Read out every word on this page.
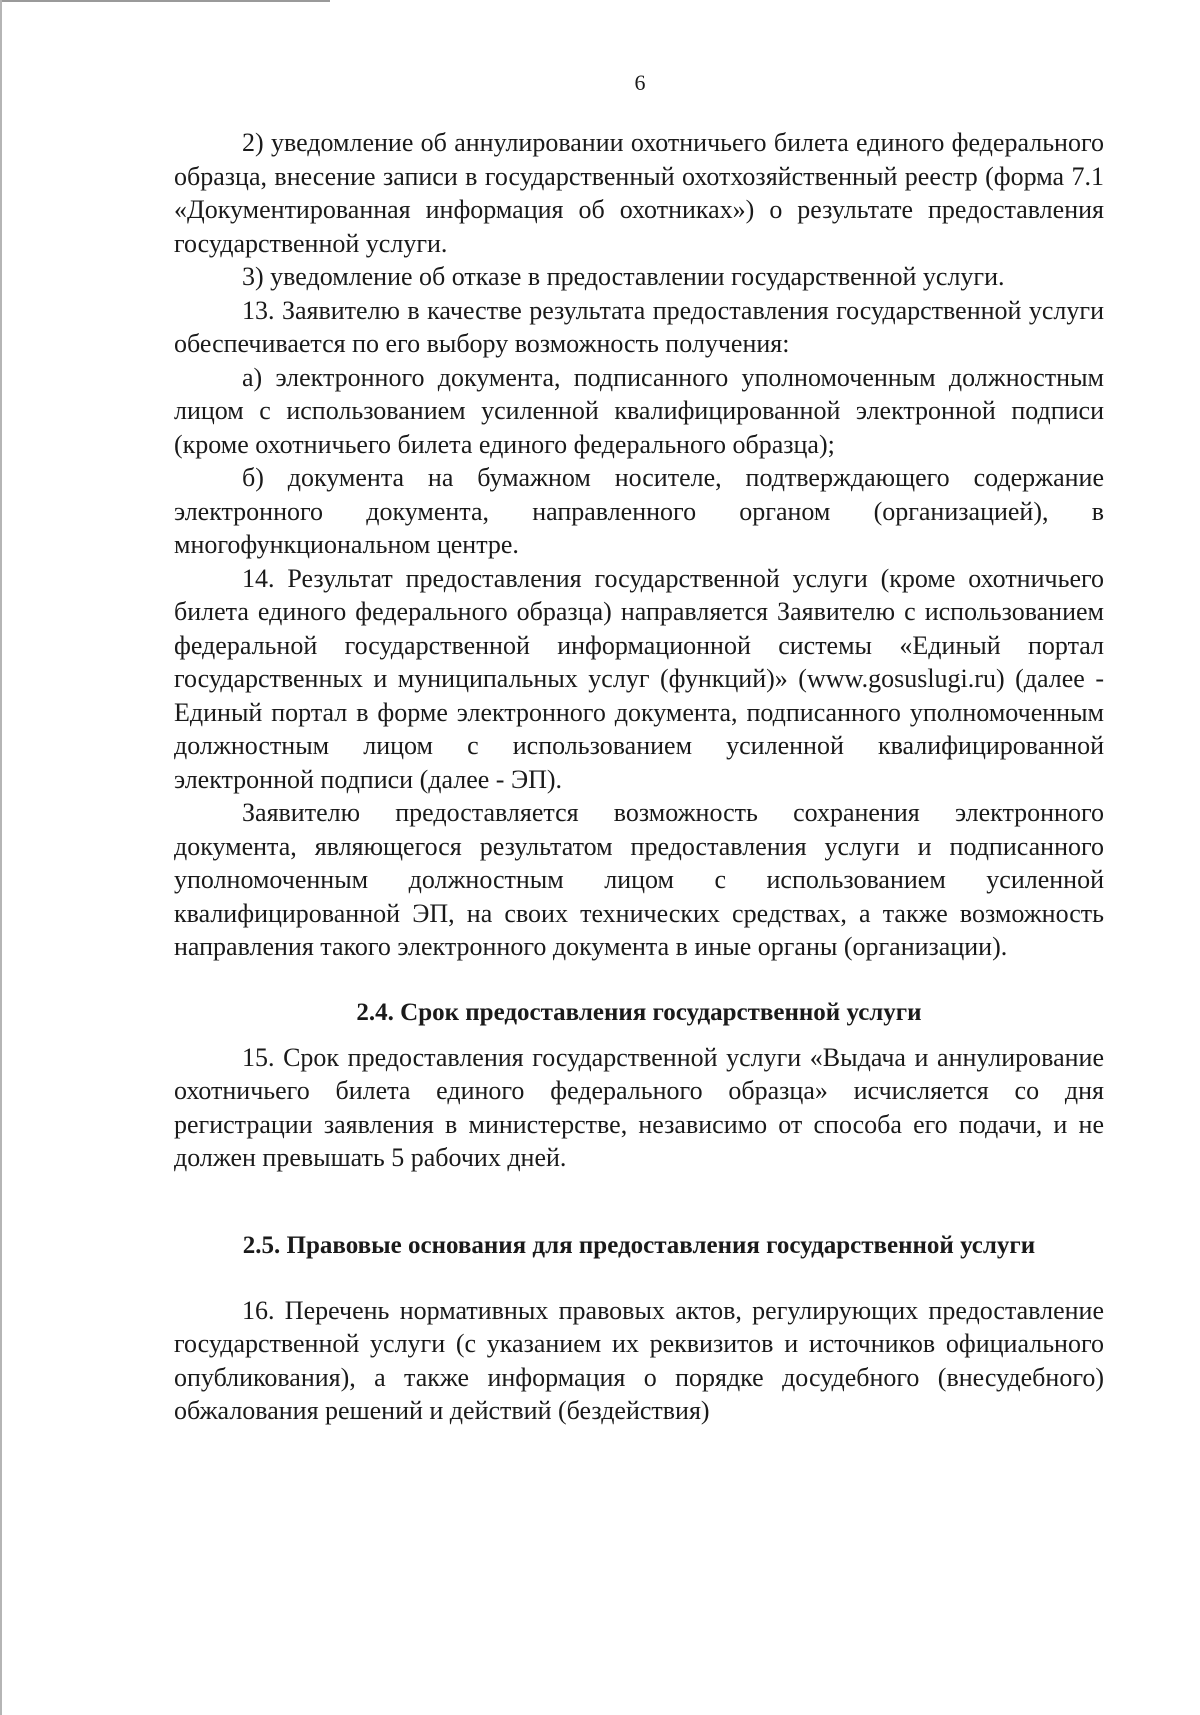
6

2) уведомление об аннулировании охотничьего билета единого федерального образца, внесение записи в государственный охотхозяйственный реестр (форма 7.1 «Документированная информация об охотниках») о результате предоставления государственной услуги.

3) уведомление об отказе в предоставлении государственной услуги.

13. Заявителю в качестве результата предоставления государственной услуги обеспечивается по его выбору возможность получения:

а) электронного документа, подписанного уполномоченным должностным лицом с использованием усиленной квалифицированной электронной подписи (кроме охотничьего билета единого федерального образца);

б) документа на бумажном носителе, подтверждающего содержание электронного документа, направленного органом (организацией), в многофункциональном центре.

14. Результат предоставления государственной услуги (кроме охотничьего билета единого федерального образца) направляется Заявителю с использованием федеральной государственной информационной системы «Единый портал государственных и муниципальных услуг (функций)» (www.gosuslugi.ru) (далее - Единый портал в форме электронного документа, подписанного уполномоченным должностным лицом с использованием усиленной квалифицированной электронной подписи (далее - ЭП).

Заявителю предоставляется возможность сохранения электронного документа, являющегося результатом предоставления услуги и подписанного уполномоченным должностным лицом с использованием усиленной квалифицированной ЭП, на своих технических средствах, а также возможность направления такого электронного документа в иные органы (организации).

2.4. Срок предоставления государственной услуги

15. Срок предоставления государственной услуги «Выдача и аннулирование охотничьего билета единого федерального образца» исчисляется со дня регистрации заявления в министерстве, независимо от способа его подачи, и не должен превышать 5 рабочих дней.

2.5. Правовые основания для предоставления государственной услуги

16. Перечень нормативных правовых актов, регулирующих предоставление государственной услуги (с указанием их реквизитов и источников официального опубликования), а также информация о порядке досудебного (внесудебного) обжалования решений и действий (бездействия)
